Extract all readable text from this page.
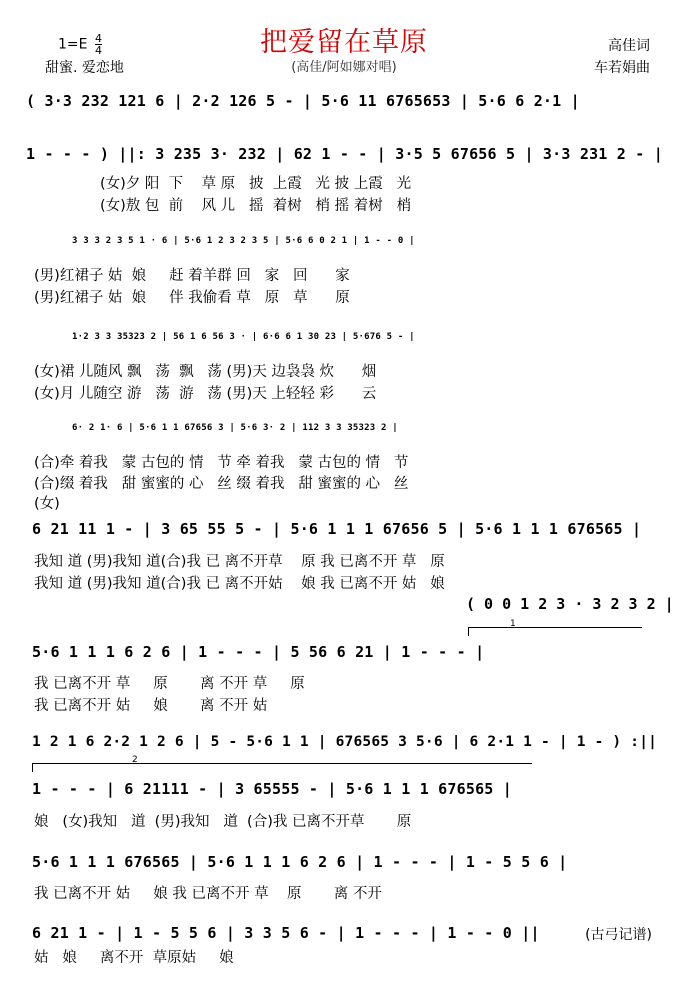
$1=E \frac{4}{4}$
甜蜜. 爱恋地
把爱留在草原
(高佳/阿如娜对唱)
高佳词
车若娟曲
( 3·3 232 121 6 | 2·2 126 5 - | 5·6 11 6765653 | 5·6 6 2·1 |
1 - - - ) ||: 3 235 3· 232 | 62 1 - - | 3·5 5 67656 5 | 3·3 231 2 - |
(女)夕 阳  下    草 原   披  上霞   光 披 上霞   光
(女)敖 包  前    风 儿   摇  着树   梢 摇 着树   梢
3 3 3 2 3 5 1 · 6 | 5·6 1 2 3 2 3 5 | 5·6 6 0 2 1 | 1 - - 0 |
(男)红裙子 姑  娘     赶 着羊群 回   家   回      家
(男)红裙子 姑  娘     伴 我偷看 草   原   草      原
1·2 3 3 35323 2 | 56 1 6 56 3 · | 6·6 6 1 30 23 | 5·676 5 - |
(女)裙 儿随风 飘   荡  飘   荡 (男)天 边袅袅 炊      烟
(女)月 儿随空 游   荡  游   荡 (男)天 上轻轻 彩      云
6· 2 1· 6 | 5·6 1 1 67656 3 | 5·6 3· 2 | 112 3 3 35323 2 |
(合)牵 着我   蒙 古包的 情   节 牵 着我   蒙 古包的 情   节
(合)缀 着我   甜 蜜蜜的 心   丝 缀 着我   甜 蜜蜜的 心   丝
(女)
6 21 11 1 - | 3 65 55 5 - | 5·6 1 1 1 67656 5 | 5·6 1 1 1 676565 |
我知 道 (男)我知 道(合)我 已 离不开草    原 我 已离不开 草   原
我知 道 (男)我知 道(合)我 已 离不开姑    娘 我 已离不开 姑   娘
( 0 0 1 2 3 · 3 2 3 2 |
1
5·6 1 1 1 6 2 6 | 1 - - - | 5 56 6 21 | 1 - - - |
我 已离不开 草     原       离 不开 草     原
我 已离不开 姑     娘       离 不开 姑
1 2 1 6 2·2 1 2 6 | 5 - 5·6 1 1 | 676565 3 5·6 | 6 2·1 1 - | 1 - ) :||
2
1 - - - | 6 21111 - | 3 65555 - | 5·6 1 1 1 676565 |
娘   (女)我知   道  (男)我知   道  (合)我 已离不开草       原
5·6 1 1 1 676565 | 5·6 1 1 1 6 2 6 | 1 - - - | 1 - 5 5 6 |
我 已离不开 姑     娘 我 已离不开 草    原       离 不开
6 21 1 - | 1 - 5 5 6 | 3 3 5 6 - | 1 - - - | 1 - - 0 ||
姑   娘     离不开  草原姑     娘
(古弓记谱)
